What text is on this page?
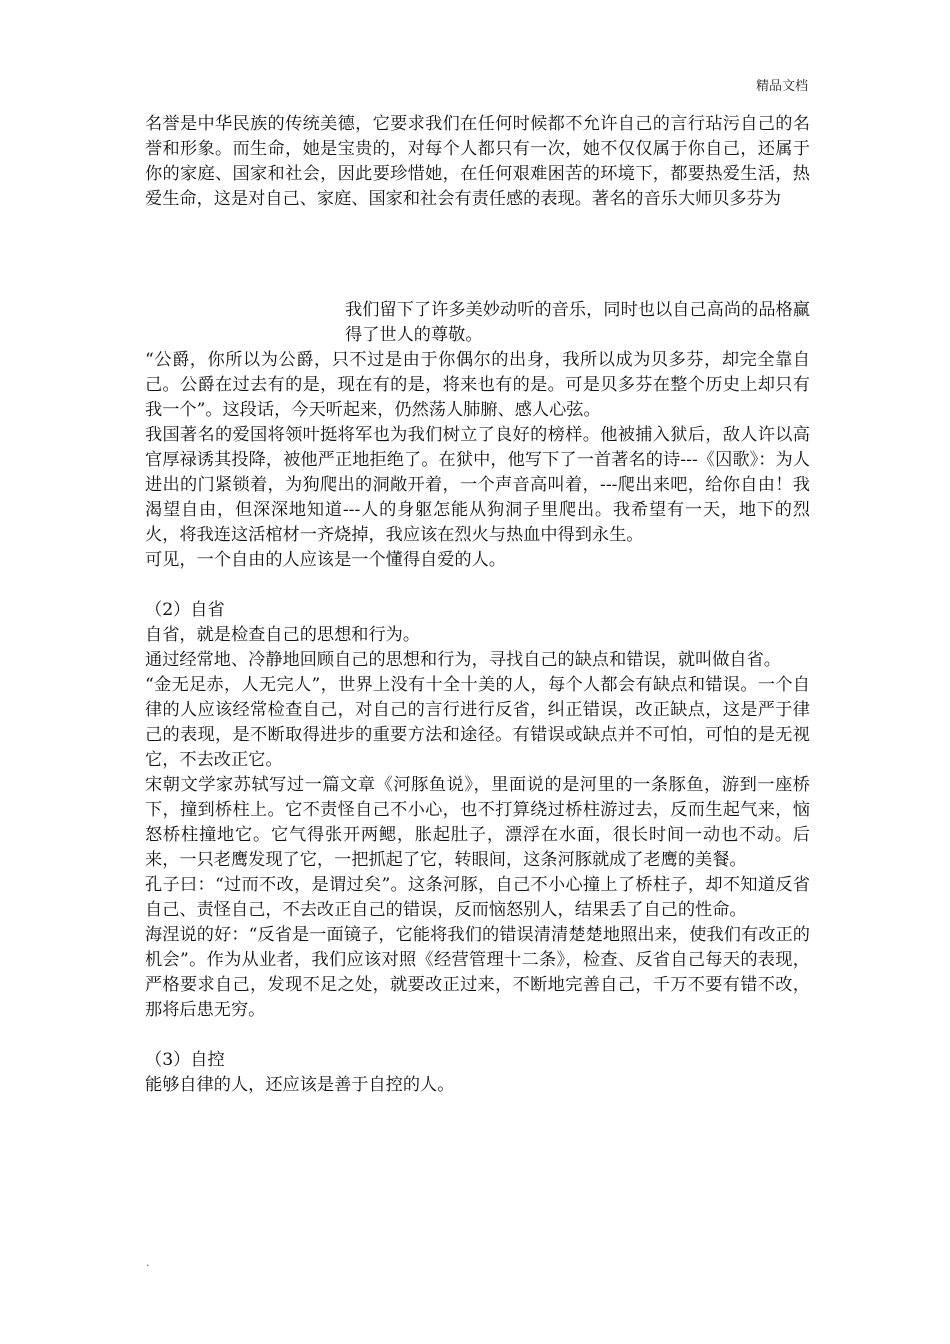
精品文档

名誉是中华民族的传统美德，它要求我们在任何时候都不允许自己的言行玷污自己的名誉和形象。而生命，她是宝贵的，对每个人都只有一次，她不仅仅属于你自己，还属于你的家庭、国家和社会，因此要珍惜她，在任何艰难困苦的环境下，都要热爱生活，热爱生命，这是对自己、家庭、国家和社会有责任感的表现。著名的音乐大师贝多芬为

我们留下了许多美妙动听的音乐，同时也以自己高尚的品格赢得了世人的尊敬。

“公爵，你所以为公爵，只不过是由于你偶尔的出身，我所以成为贝多芬，却完全靠自己。公爵在过去有的是，现在有的是，将来也有的是。可是贝多芬在整个历史上却只有我一个”。这段话，今天听起来，仍然荡人肺腑、感人心弦。

我国著名的爱国将领叶挺将军也为我们树立了良好的榜样。他被捕入狱后，敌人许以高官厚禄诱其投降，被他严正地拒绝了。在狱中，他写下了一首著名的诗---《囚歌》：为人进出的门紧锁着，为狗爬出的洞敞开着，一个声音高叫着，---爬出来吧，给你自由！我渴望自由，但深深地知道---人的身躯怎能从狗洞子里爬出。我希望有一天，地下的烈火，将我连这活棺材一齐烧掉，我应该在烈火与热血中得到永生。

可见，一个自由的人应该是一个懂得自爱的人。

（2）自省

自省，就是检查自己的思想和行为。

通过经常地、冷静地回顾自己的思想和行为，寻找自己的缺点和错误，就叫做自省。

“金无足赤，人无完人”，世界上没有十全十美的人，每个人都会有缺点和错误。一个自律的人应该经常检查自己，对自己的言行进行反省，纠正错误，改正缺点，这是严于律己的表现，是不断取得进步的重要方法和途径。有错误或缺点并不可怕，可怕的是无视它，不去改正它。

宋朝文学家苏轼写过一篇文章《河豚鱼说》，里面说的是河里的一条豚鱼，游到一座桥下，撞到桥柱上。它不责怪自己不小心，也不打算绕过桥柱游过去，反而生起气来，恼怒桥柱撞地它。它气得张开两鳃，胀起肚子，漂浮在水面，很长时间一动也不动。后来，一只老鹰发现了它，一把抓起了它，转眼间，这条河豚就成了老鹰的美餐。

孔子曰：“过而不改，是谓过矣”。这条河豚，自己不小心撞上了桥柱子，却不知道反省自己、责怪自己，不去改正自己的错误，反而恼怒别人，结果丢了自己的性命。

海涅说的好：“反省是一面镜子，它能将我们的错误清清楚楚地照出来，使我们有改正的机会”。作为从业者，我们应该对照《经营管理十二条》，检查、反省自己每天的表现，严格要求自己，发现不足之处，就要改正过来，不断地完善自己，千万不要有错不改，那将后患无穷。

（3）自控

能够自律的人，还应该是善于自控的人。

.
